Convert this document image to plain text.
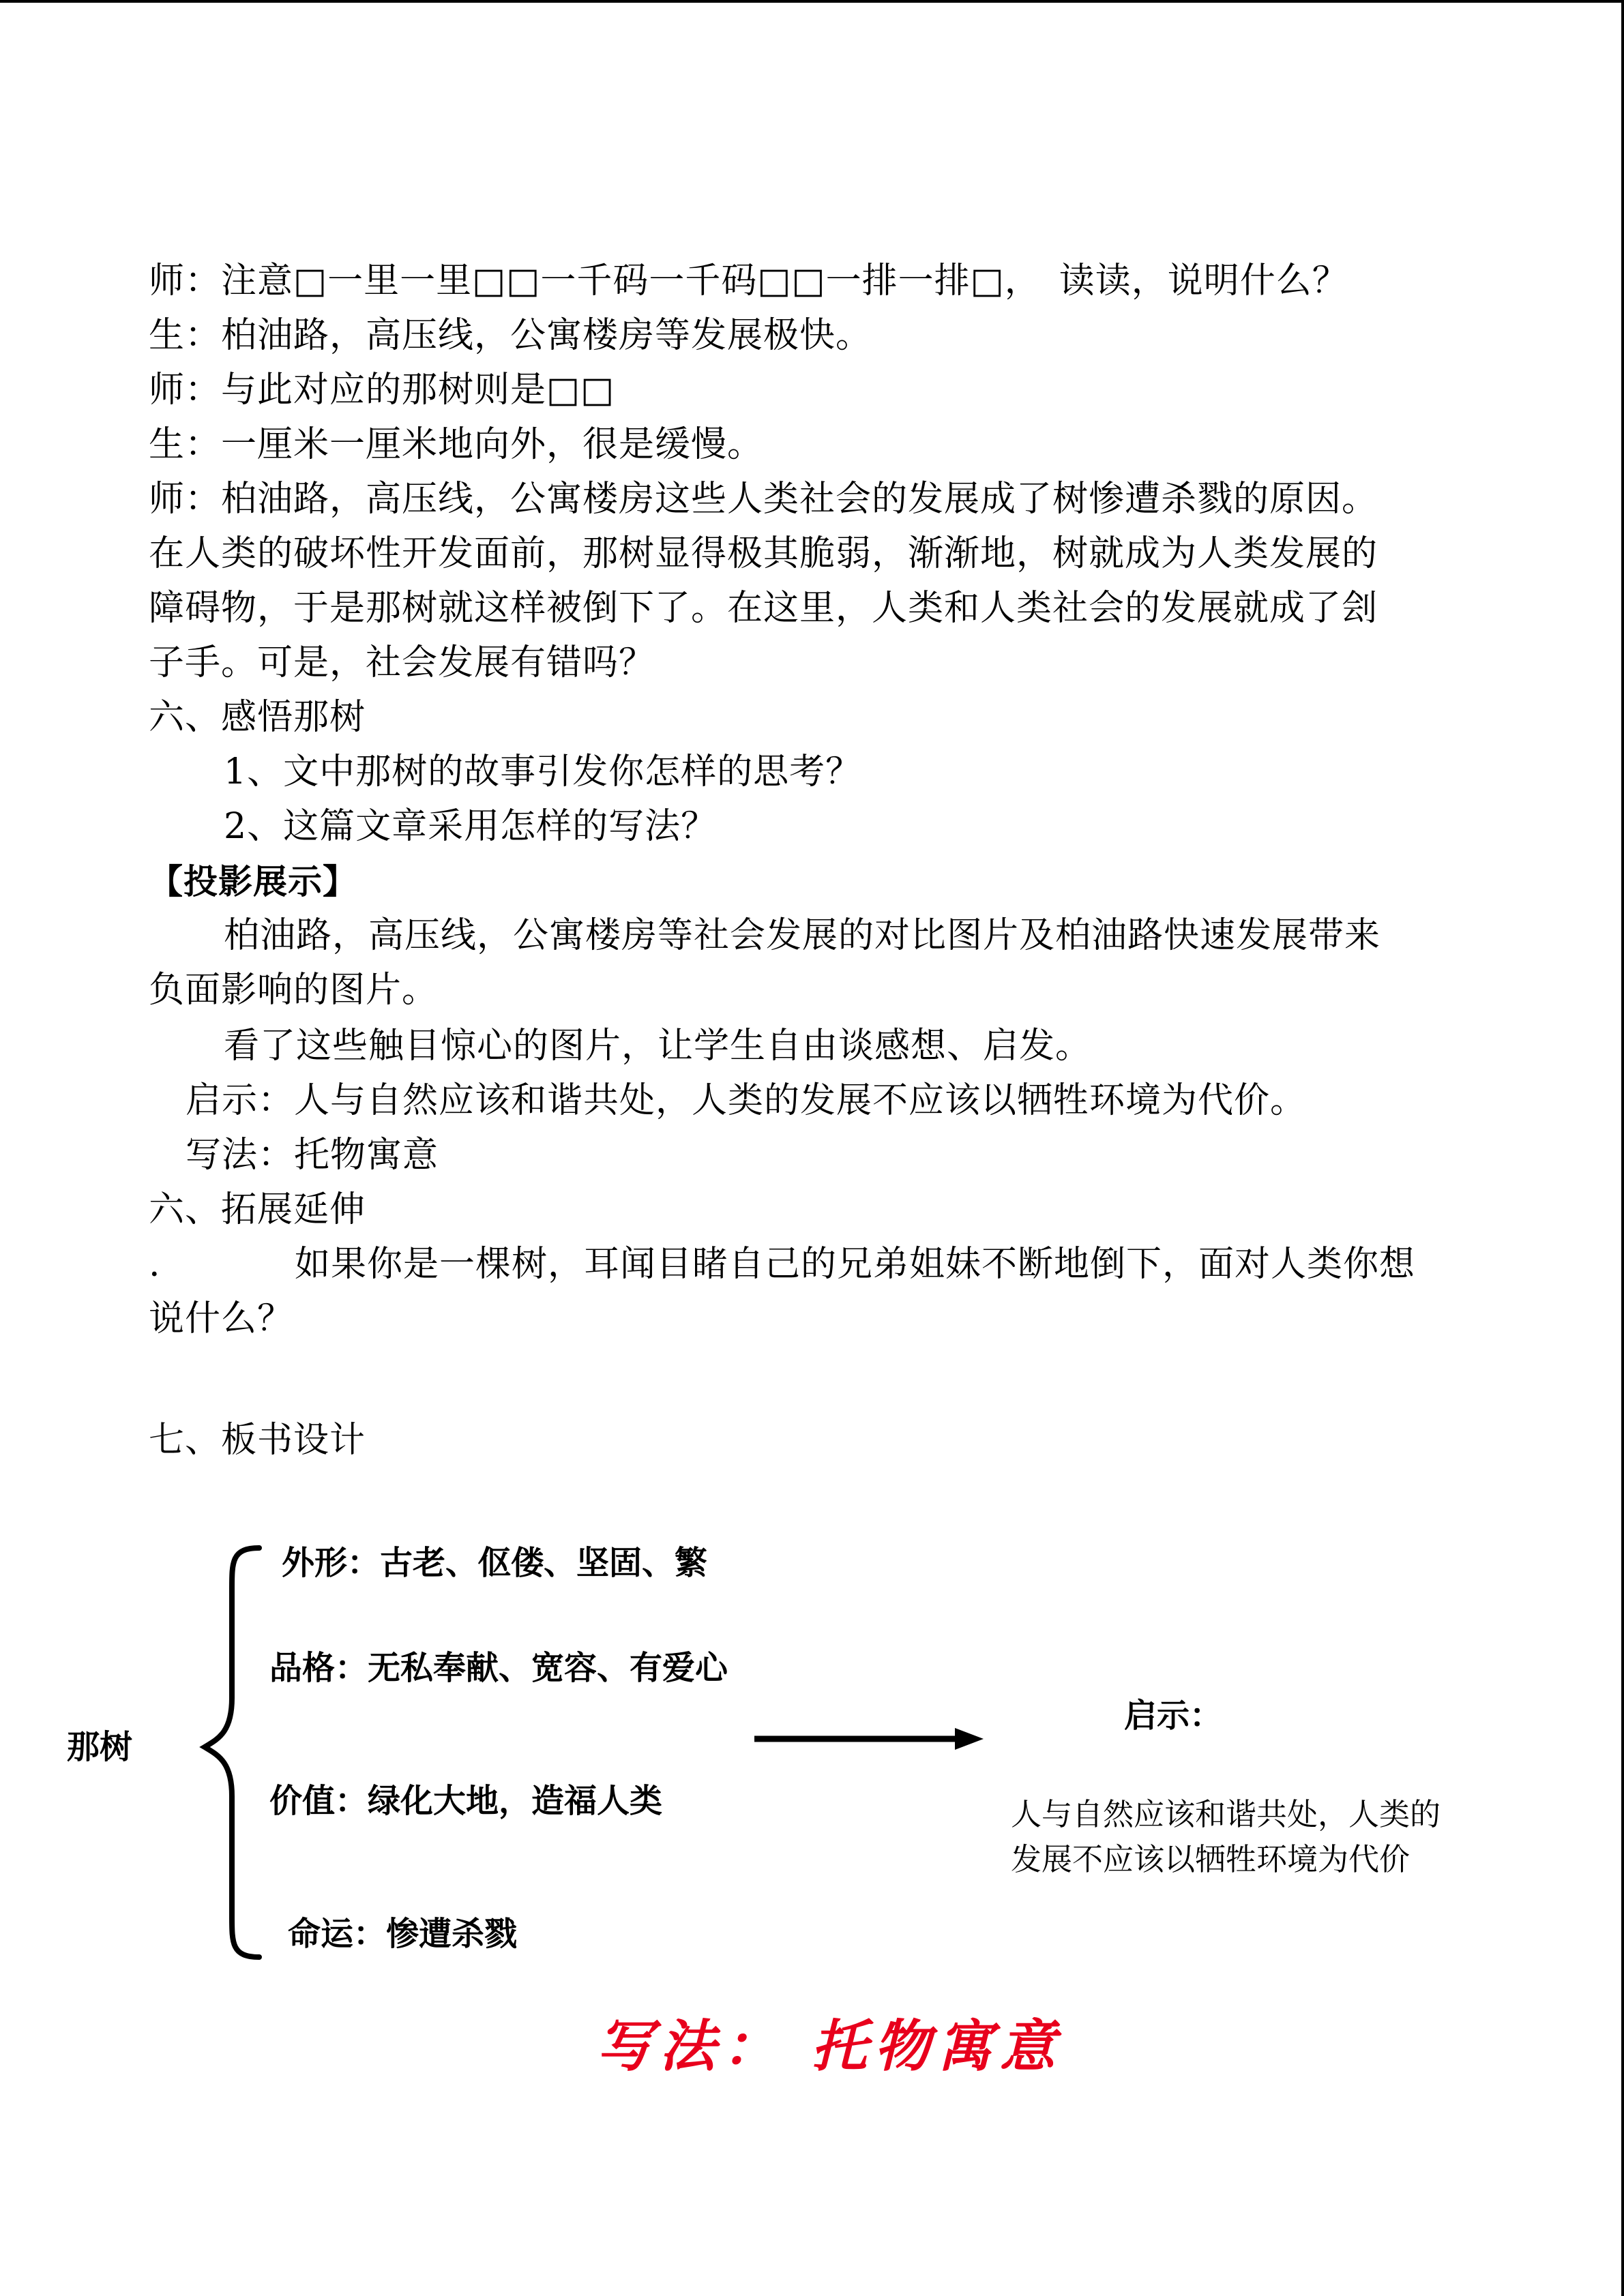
师：注意□一里一里□□一千码一千码□□一排一排□，　读读，说明什么？
生：柏油路，高压线，公寓楼房等发展极快。
师：与此对应的那树则是□□
生：一厘米一厘米地向外，很是缓慢。
师：柏油路，高压线，公寓楼房这些人类社会的发展成了树惨遭杀戮的原因。
在人类的破坏性开发面前，那树显得极其脆弱，渐渐地，树就成为人类发展的
障碍物，于是那树就这样被倒下了。在这里，人类和人类社会的发展就成了刽
子手。可是，社会发展有错吗？
六、感悟那树
1、文中那树的故事引发你怎样的思考？
2、这篇文章采用怎样的写法？
【投影展示】
柏油路，高压线，公寓楼房等社会发展的对比图片及柏油路快速发展带来
负面影响的图片。
看了这些触目惊心的图片，让学生自由谈感想、启发。
启示：人与自然应该和谐共处，人类的发展不应该以牺牲环境为代价。
写法：托物寓意
六、拓展延伸
.	如果你是一棵树，耳闻目睹自己的兄弟姐妹不断地倒下，面对人类你想
说什么？
七、板书设计
那树
外形：古老、伛偻、坚固、繁
品格：无私奉献、宽容、有爱心
价值：绿化大地，造福人类
命运：惨遭杀戮
启示：
人与自然应该和谐共处，人类的发展不应该以牺牲环境为代价
写法： 托物寓意
